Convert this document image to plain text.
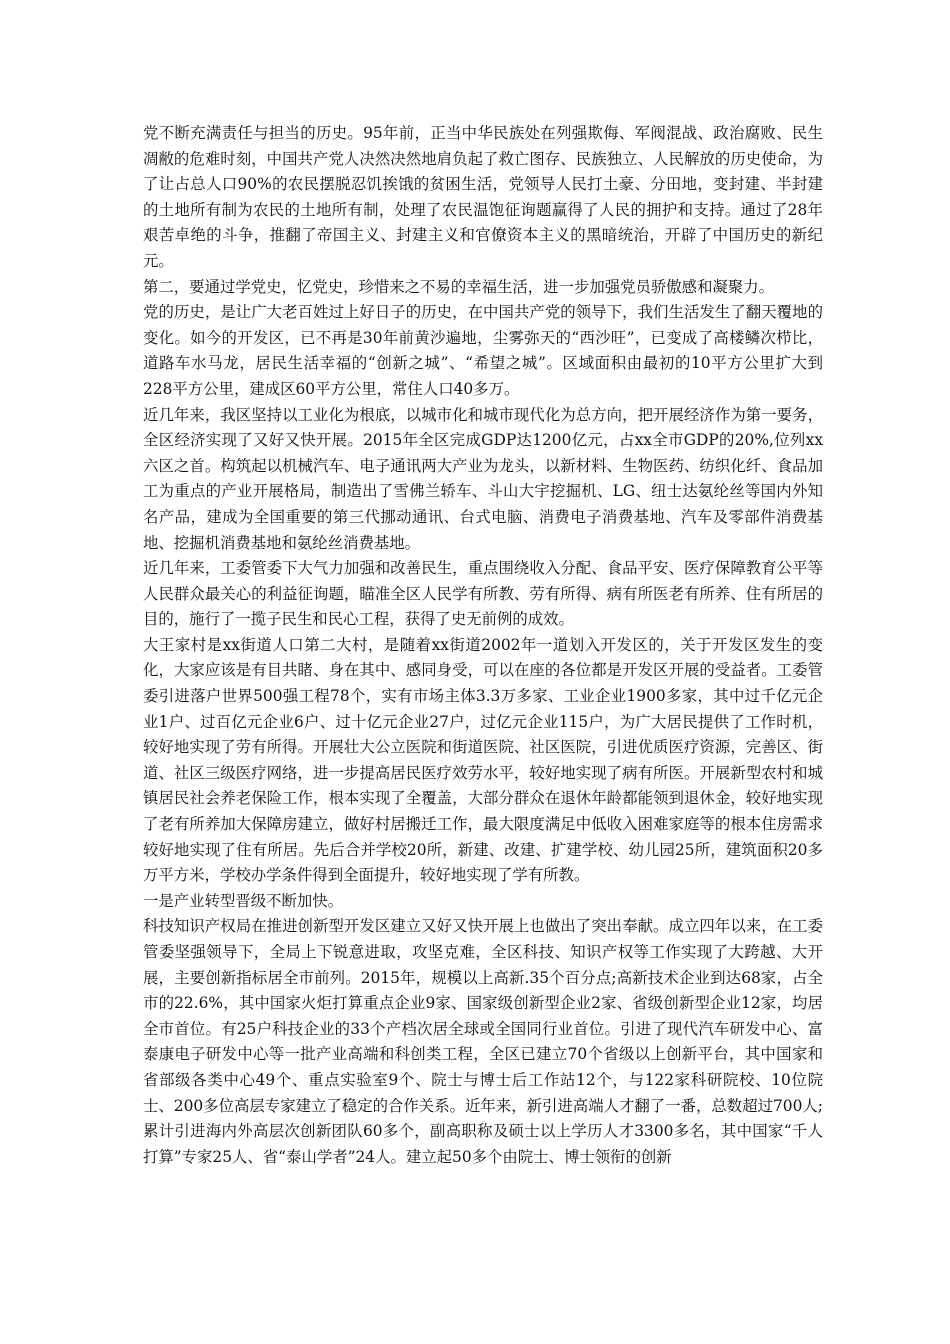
党不断充满责任与担当的历史。95年前，正当中华民族处在列强欺侮、军阀混战、政治腐败、民生凋敝的危难时刻，中国共产党人决然决然地肩负起了救亡图存、民族独立、人民解放的历史使命，为了让占总人口90%的农民摆脱忍饥挨饿的贫困生活，党领导人民打土豪、分田地，变封建、半封建的土地所有制为农民的土地所有制，处理了农民温饱征询题赢得了人民的拥护和支持。通过了28年艰苦卓绝的斗争，推翻了帝国主义、封建主义和官僚资本主义的黑暗统治，开辟了中国历史的新纪元。

第二，要通过学党史，忆党史，珍惜来之不易的幸福生活，进一步加强党员骄傲感和凝聚力。

党的历史，是让广大老百姓过上好日子的历史，在中国共产党的领导下，我们生活发生了翻天覆地的变化。如今的开发区，已不再是30年前黄沙遍地，尘雾弥天的“西沙旺”，已变成了高楼鳞次栉比，道路车水马龙，居民生活幸福的“创新之城”、“希望之城”。区域面积由最初的10平方公里扩大到228平方公里，建成区60平方公里，常住人口40多万。

近几年来，我区坚持以工业化为根底，以城市化和城市现代化为总方向，把开展经济作为第一要务，全区经济实现了又好又快开展。2015年全区完成GDP达1200亿元，占xx全市GDP的20%,位列xx六区之首。构筑起以机械汽车、电子通讯两大产业为龙头，以新材料、生物医药、纺织化纤、食品加工为重点的产业开展格局，制造出了雪佛兰轿车、斗山大宇挖掘机、LG、纽士达氨纶丝等国内外知名产品，建成为全国重要的第三代挪动通讯、台式电脑、消费电子消费基地、汽车及零部件消费基地、挖掘机消费基地和氨纶丝消费基地。

近几年来，工委管委下大气力加强和改善民生，重点围绕收入分配、食品平安、医疗保障教育公平等人民群众最关心的利益征询题，瞄准全区人民学有所教、劳有所得、病有所医老有所养、住有所居的目的，施行了一揽子民生和民心工程，获得了史无前例的成效。

大王家村是xx街道人口第二大村，是随着xx街道2002年一道划入开发区的，关于开发区发生的变化，大家应该是有目共睹、身在其中、感同身受，可以在座的各位都是开发区开展的受益者。工委管委引进落户世界500强工程78个，实有市场主体3.3万多家、工业企业1900多家，其中过千亿元企业1户、过百亿元企业6户、过十亿元企业27户，过亿元企业115户，为广大居民提供了工作时机，较好地实现了劳有所得。开展壮大公立医院和街道医院、社区医院，引进优质医疗资源，完善区、街道、社区三级医疗网络，进一步提高居民医疗效劳水平，较好地实现了病有所医。开展新型农村和城镇居民社会养老保险工作，根本实现了全覆盖，大部分群众在退休年龄都能领到退休金，较好地实现了老有所养加大保障房建立，做好村居搬迁工作，最大限度满足中低收入困难家庭等的根本住房需求较好地实现了住有所居。先后合并学校20所，新建、改建、扩建学校、幼儿园25所，建筑面积20多万平方米，学校办学条件得到全面提升，较好地实现了学有所教。

一是产业转型晋级不断加快。

科技知识产权局在推进创新型开发区建立又好又快开展上也做出了突出奉献。成立四年以来，在工委管委坚强领导下，全局上下锐意进取，攻坚克难，全区科技、知识产权等工作实现了大跨越、大开展，主要创新指标居全市前列。2015年，规模以上高新.35个百分点;高新技术企业到达68家，占全市的22.6%，其中国家火炬打算重点企业9家、国家级创新型企业2家、省级创新型企业12家，均居全市首位。有25户科技企业的33个产档次居全球或全国同行业首位。引进了现代汽车研发中心、富泰康电子研发中心等一批产业高端和科创类工程，全区已建立70个省级以上创新平台，其中国家和省部级各类中心49个、重点实验室9个、院士与博士后工作站12个，与122家科研院校、10位院士、200多位高层专家建立了稳定的合作关系。近年来，新引进高端人才翻了一番，总数超过700人;累计引进海内外高层次创新团队60多个，副高职称及硕士以上学历人才3300多名，其中国家“千人打算”专家25人、省“泰山学者”24人。建立起50多个由院士、博士领衔的创新
